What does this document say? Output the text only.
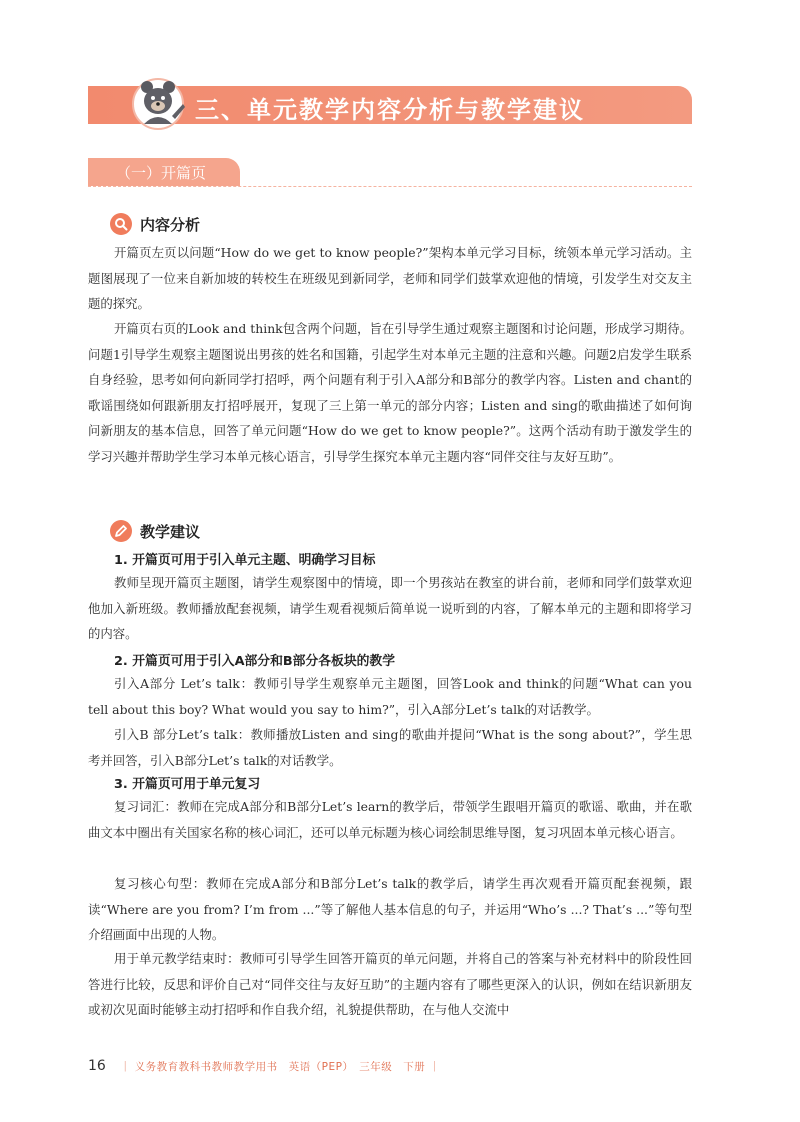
三、单元教学内容分析与教学建议
（一）开篇页
内容分析
开篇页左页以问题“How do we get to know people?”架构本单元学习目标，统领本单元学习活动。主题图展现了一位来自新加坡的转校生在班级见到新同学，老师和同学们鼓掌欢迎他的情境，引发学生对交友主题的探究。
开篇页右页的Look and think包含两个问题，旨在引导学生通过观察主题图和讨论问题，形成学习期待。问题1引导学生观察主题图说出男孩的姓名和国籍，引起学生对本单元主题的注意和兴趣。问题2启发学生联系自身经验，思考如何向新同学打招呼，两个问题有利于引入A部分和B部分的教学内容。Listen and chant的歌谣围绕如何跟新朋友打招呼展开，复现了三上第一单元的部分内容；Listen and sing的歌曲描述了如何询问新朋友的基本信息，回答了单元问题“How do we get to know people?”。这两个活动有助于激发学生的学习兴趣并帮助学生学习本单元核心语言，引导学生探究本单元主题内容“同伴交往与友好互助”。
教学建议
1. 开篇页可用于引入单元主题、明确学习目标
教师呈现开篇页主题图，请学生观察图中的情境，即一个男孩站在教室的讲台前，老师和同学们鼓掌欢迎他加入新班级。教师播放配套视频，请学生观看视频后简单说一说听到的内容，了解本单元的主题和即将学习的内容。
2. 开篇页可用于引入A部分和B部分各板块的教学
引入A部分 Let’s talk：教师引导学生观察单元主题图，回答Look and think的问题“What can you tell about this boy? What would you say to him?”，引入A部分Let’s talk的对话教学。
引入B 部分Let’s talk：教师播放Listen and sing的歌曲并提问“What is the song about?”，学生思考并回答，引入B部分Let’s talk的对话教学。
3. 开篇页可用于单元复习
复习词汇：教师在完成A部分和B部分Let’s learn的教学后，带领学生跟唱开篇页的歌谣、歌曲，并在歌曲文本中圈出有关国家名称的核心词汇，还可以单元标题为核心词绘制思维导图，复习巩固本单元核心语言。
复习核心句型：教师在完成A部分和B部分Let’s talk的教学后，请学生再次观看开篇页配套视频，跟读“Where are you from? I’m from ...”等了解他人基本信息的句子，并运用“Who’s ...? That’s ...”等句型介绍画面中出现的人物。
用于单元教学结束时：教师可引导学生回答开篇页的单元问题，并将自己的答案与补充材料中的阶段性回答进行比较，反思和评价自己对“同伴交往与友好互助”的主题内容有了哪些更深入的认识，例如在结识新朋友或初次见面时能够主动打招呼和作自我介绍，礼貌提供帮助，在与他人交流中
16 ｜ 义务教育教科书教师教学用书　英语（PEP）　三年级　下册 ｜
